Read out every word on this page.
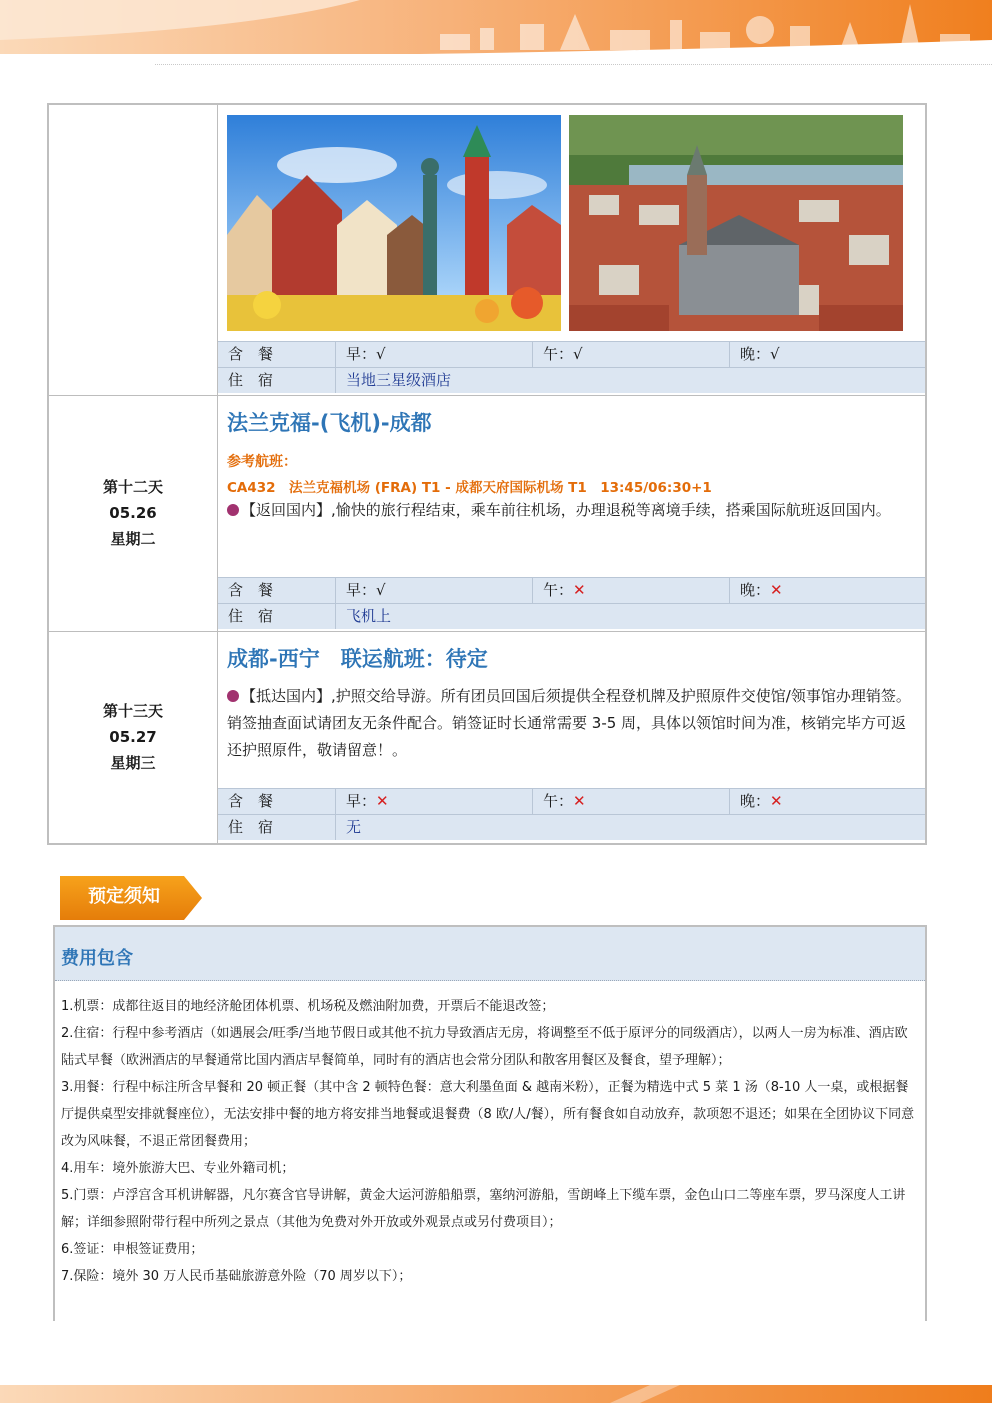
含　餐	早：√	午：√	晚：√
住　宿	当地三星级酒店
第十二天
05.26
星期二
法兰克福-(飞机)-成都
参考航班：
CA432　法兰克福机场 (FRA) T1 - 成都天府国际机场 T1　13:45/06:30+1
【返回国内】,愉快的旅行程结束，乘车前往机场，办理退税等离境手续，搭乘国际航班返回国内。
含　餐	早：√	午：✕	晚：✕
住　宿	飞机上
第十三天
05.27
星期三
成都-西宁　联运航班：待定
【抵达国内】,护照交给导游。所有团员回国后须提供全程登机牌及护照原件交使馆/领事馆办理销签。销签抽查面试请团友无条件配合。销签证时长通常需要 3-5 周，具体以领馆时间为准，核销完毕方可返还护照原件，敬请留意！。
含　餐	早：✕	午：✕	晚：✕
住　宿	无
预定须知
费用包含
1.机票：成都往返目的地经济舱团体机票、机场税及燃油附加费，开票后不能退改签；
2.住宿：行程中参考酒店（如遇展会/旺季/当地节假日或其他不抗力导致酒店无房，将调整至不低于原评分的同级酒店），以两人一房为标准、酒店欧陆式早餐（欧洲酒店的早餐通常比国内酒店早餐简单，同时有的酒店也会常分团队和散客用餐区及餐食，望予理解）；
3.用餐：行程中标注所含早餐和 20 顿正餐（其中含 2 顿特色餐：意大利墨鱼面 & 越南米粉），正餐为精选中式 5 菜 1 汤（8-10 人一桌，或根据餐厅提供桌型安排就餐座位），无法安排中餐的地方将安排当地餐或退餐费（8 欧/人/餐），所有餐食如自动放弃，款项恕不退还；如果在全团协议下同意改为风味餐，不退正常团餐费用；
4.用车：境外旅游大巴、专业外籍司机；
5.门票：卢浮宫含耳机讲解器，凡尔赛含官导讲解，黄金大运河游船船票，塞纳河游船，雪朗峰上下缆车票，金色山口二等座车票，罗马深度人工讲解；详细参照附带行程中所列之景点（其他为免费对外开放或外观景点或另付费项目）；
6.签证：申根签证费用；
7.保险：境外 30 万人民币基础旅游意外险（70 周岁以下）；
